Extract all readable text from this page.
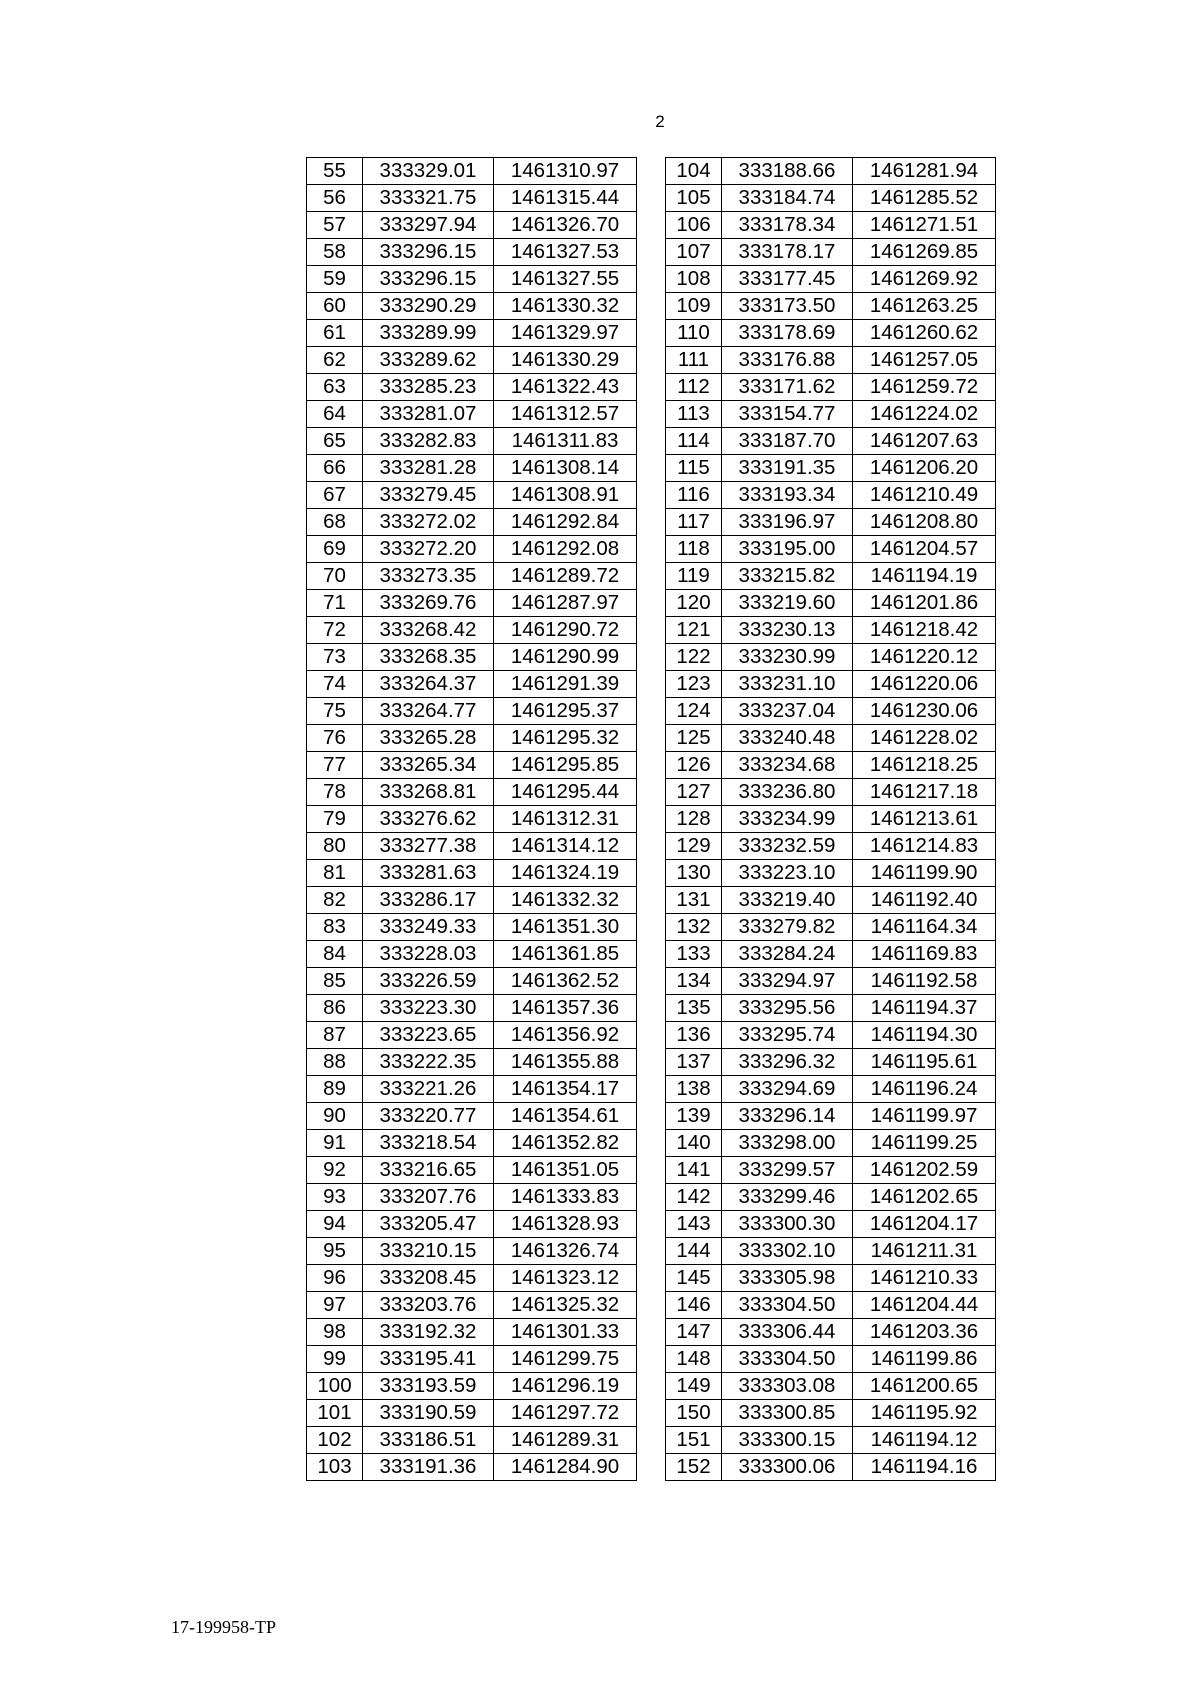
2
55	333329.01	1461310.97
56	333321.75	1461315.44
57	333297.94	1461326.70
58	333296.15	1461327.53
59	333296.15	1461327.55
60	333290.29	1461330.32
61	333289.99	1461329.97
62	333289.62	1461330.29
63	333285.23	1461322.43
64	333281.07	1461312.57
65	333282.83	1461311.83
66	333281.28	1461308.14
67	333279.45	1461308.91
68	333272.02	1461292.84
69	333272.20	1461292.08
70	333273.35	1461289.72
71	333269.76	1461287.97
72	333268.42	1461290.72
73	333268.35	1461290.99
74	333264.37	1461291.39
75	333264.77	1461295.37
76	333265.28	1461295.32
77	333265.34	1461295.85
78	333268.81	1461295.44
79	333276.62	1461312.31
80	333277.38	1461314.12
81	333281.63	1461324.19
82	333286.17	1461332.32
83	333249.33	1461351.30
84	333228.03	1461361.85
85	333226.59	1461362.52
86	333223.30	1461357.36
87	333223.65	1461356.92
88	333222.35	1461355.88
89	333221.26	1461354.17
90	333220.77	1461354.61
91	333218.54	1461352.82
92	333216.65	1461351.05
93	333207.76	1461333.83
94	333205.47	1461328.93
95	333210.15	1461326.74
96	333208.45	1461323.12
97	333203.76	1461325.32
98	333192.32	1461301.33
99	333195.41	1461299.75
100	333193.59	1461296.19
101	333190.59	1461297.72
102	333186.51	1461289.31
103	333191.36	1461284.90
104	333188.66	1461281.94
105	333184.74	1461285.52
106	333178.34	1461271.51
107	333178.17	1461269.85
108	333177.45	1461269.92
109	333173.50	1461263.25
110	333178.69	1461260.62
111	333176.88	1461257.05
112	333171.62	1461259.72
113	333154.77	1461224.02
114	333187.70	1461207.63
115	333191.35	1461206.20
116	333193.34	1461210.49
117	333196.97	1461208.80
118	333195.00	1461204.57
119	333215.82	1461194.19
120	333219.60	1461201.86
121	333230.13	1461218.42
122	333230.99	1461220.12
123	333231.10	1461220.06
124	333237.04	1461230.06
125	333240.48	1461228.02
126	333234.68	1461218.25
127	333236.80	1461217.18
128	333234.99	1461213.61
129	333232.59	1461214.83
130	333223.10	1461199.90
131	333219.40	1461192.40
132	333279.82	1461164.34
133	333284.24	1461169.83
134	333294.97	1461192.58
135	333295.56	1461194.37
136	333295.74	1461194.30
137	333296.32	1461195.61
138	333294.69	1461196.24
139	333296.14	1461199.97
140	333298.00	1461199.25
141	333299.57	1461202.59
142	333299.46	1461202.65
143	333300.30	1461204.17
144	333302.10	1461211.31
145	333305.98	1461210.33
146	333304.50	1461204.44
147	333306.44	1461203.36
148	333304.50	1461199.86
149	333303.08	1461200.65
150	333300.85	1461195.92
151	333300.15	1461194.12
152	333300.06	1461194.16
17-199958-TP
